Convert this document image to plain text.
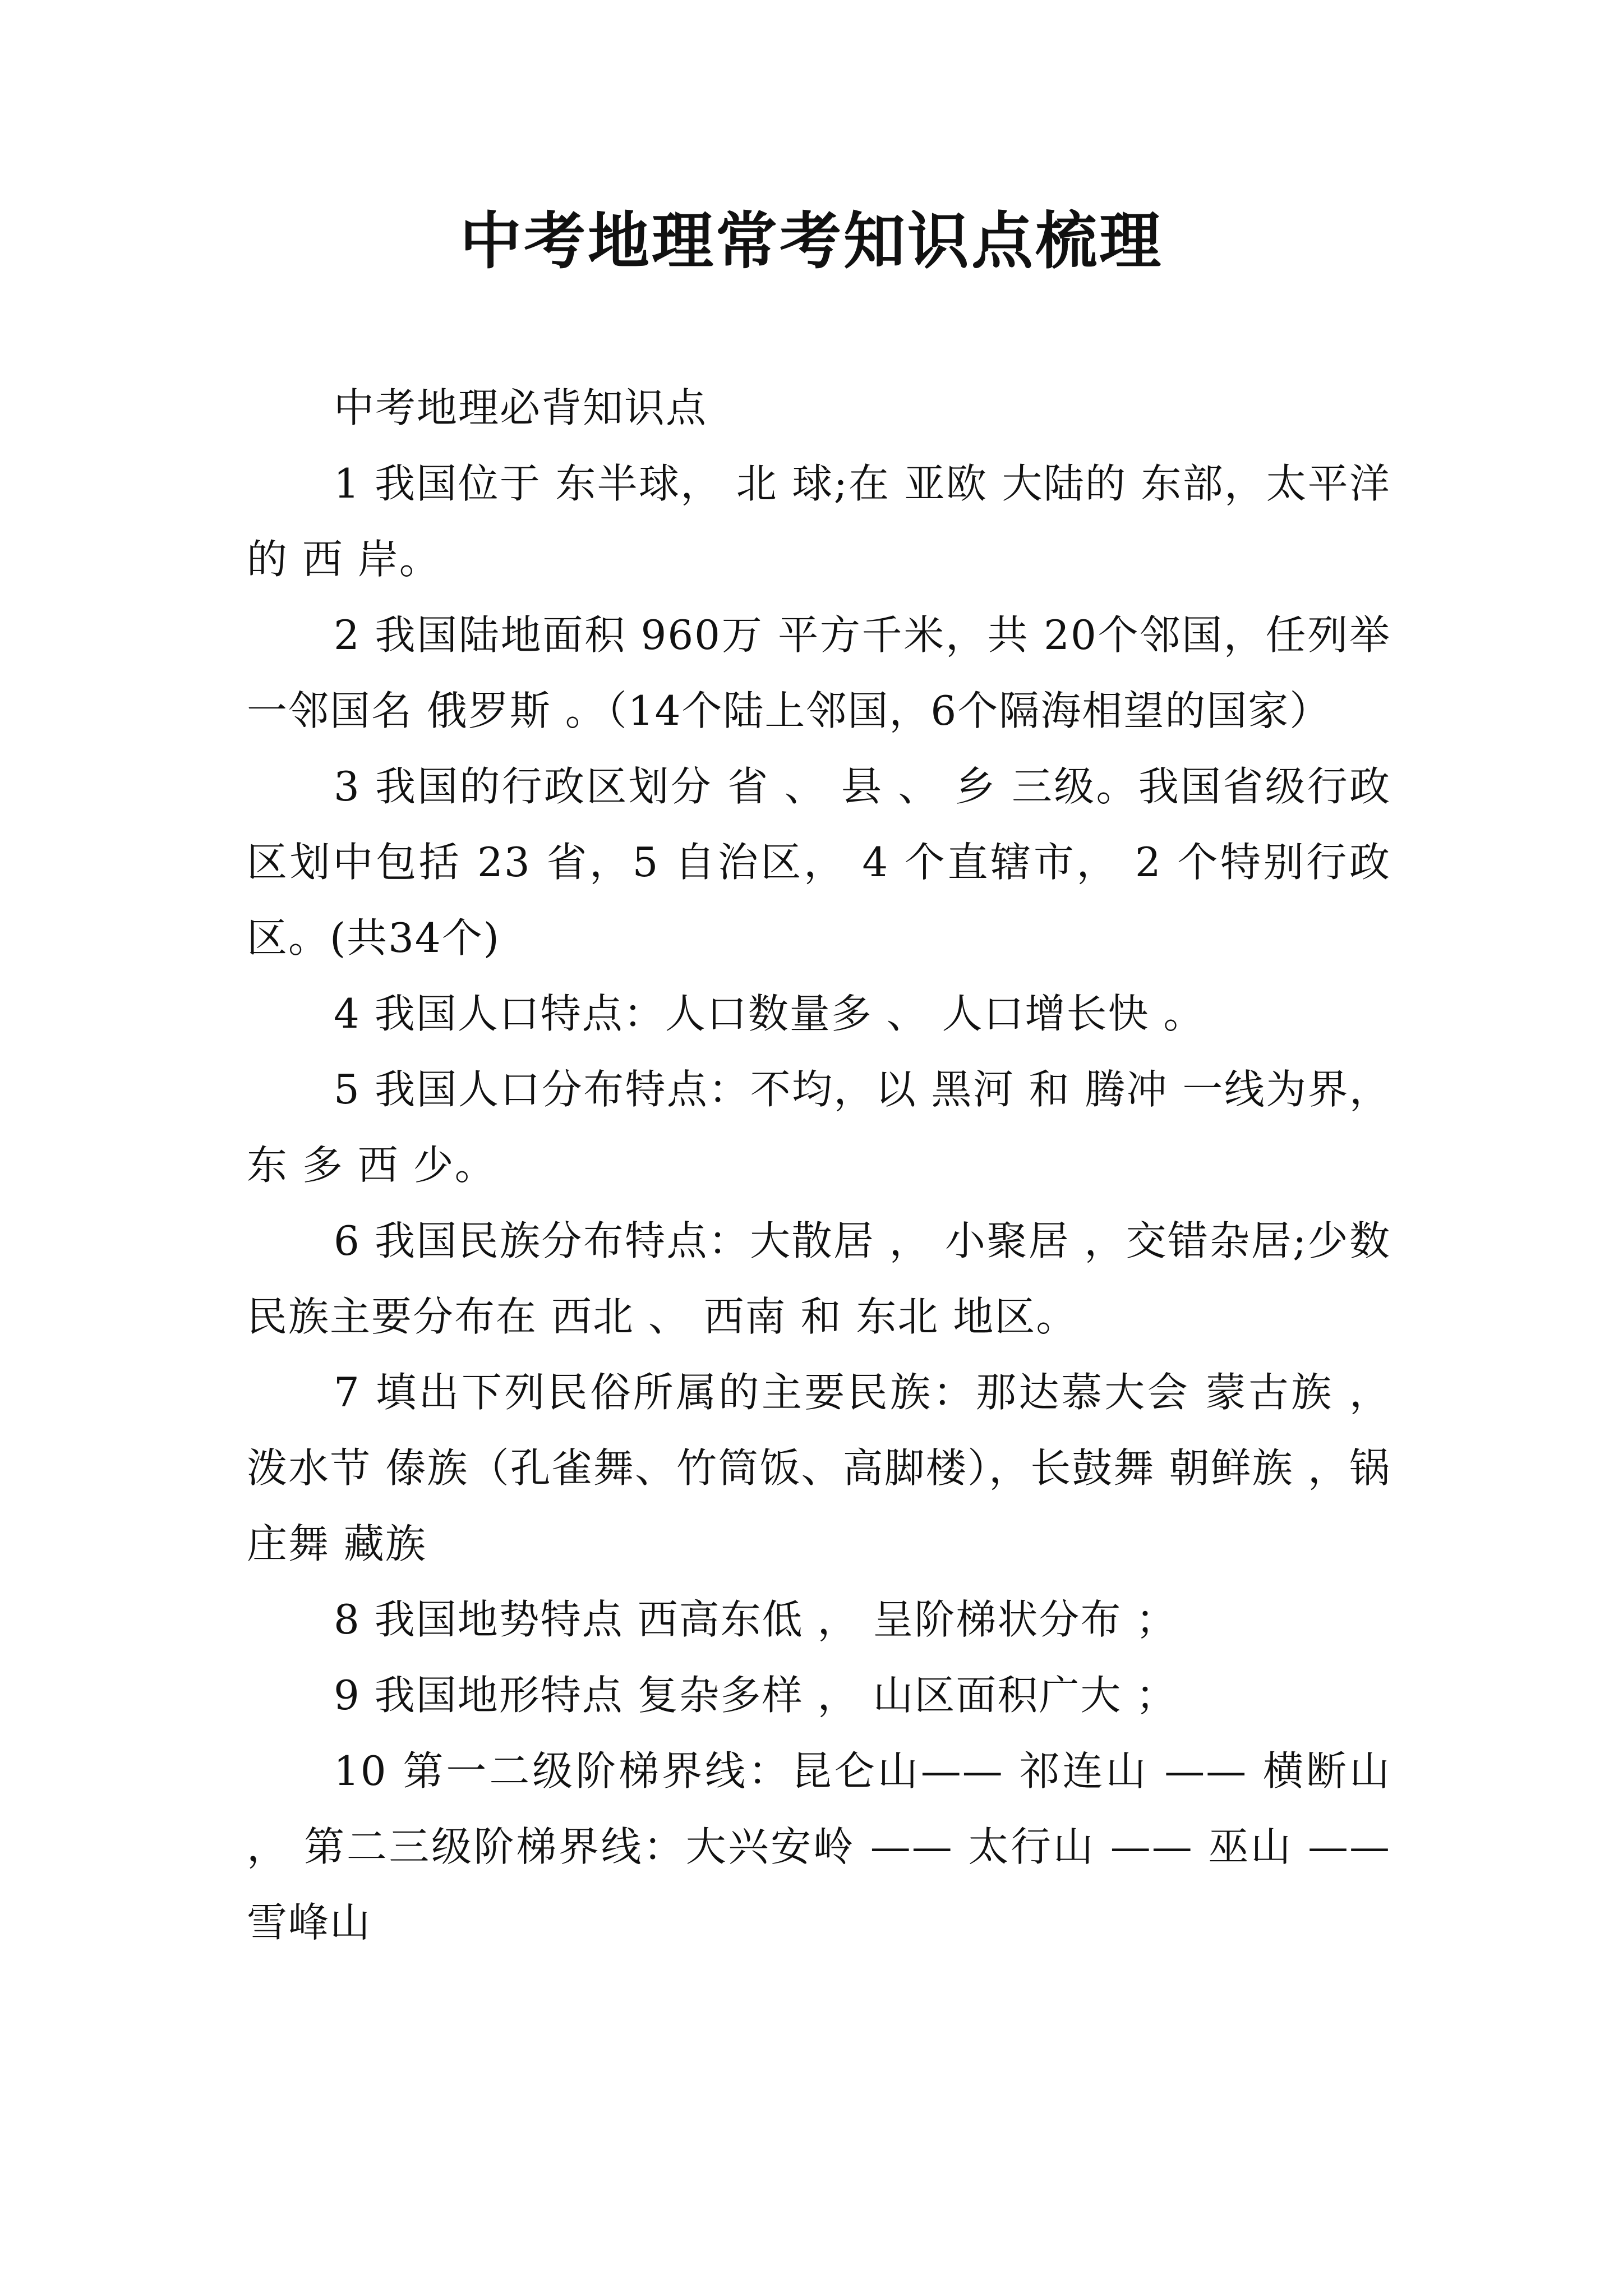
中考地理常考知识点梳理

中考地理必背知识点

1 我国位于 东半球， 北 球;在 亚欧 大陆的 东部，太平洋的 西 岸。

2 我国陆地面积 960万 平方千米，共 20个邻国，任列举一邻国名 俄罗斯 。（14个陆上邻国，6个隔海相望的国家）

3 我国的行政区划分 省 、 县 、 乡 三级。我国省级行政区划中包括 23 省，5 自治区， 4 个直辖市， 2 个特别行政区。(共34个)

4 我国人口特点：人口数量多 、 人口增长快 。

5 我国人口分布特点：不均，以 黑河 和 腾冲 一线为界， 东 多 西 少。

6 我国民族分布特点：大散居 ， 小聚居 ，交错杂居;少数民族主要分布在 西北 、 西南 和 东北 地区。

7 填出下列民俗所属的主要民族：那达慕大会 蒙古族 ，泼水节 傣族（孔雀舞、竹筒饭、高脚楼），长鼓舞 朝鲜族 ，锅庄舞 藏族

8 我国地势特点 西高东低 ， 呈阶梯状分布 ；

9 我国地形特点 复杂多样 ， 山区面积广大 ；

10 第一二级阶梯界线：昆仑山—— 祁连山 —— 横断山 ， 第二三级阶梯界线：大兴安岭 —— 太行山 —— 巫山 ——雪峰山
